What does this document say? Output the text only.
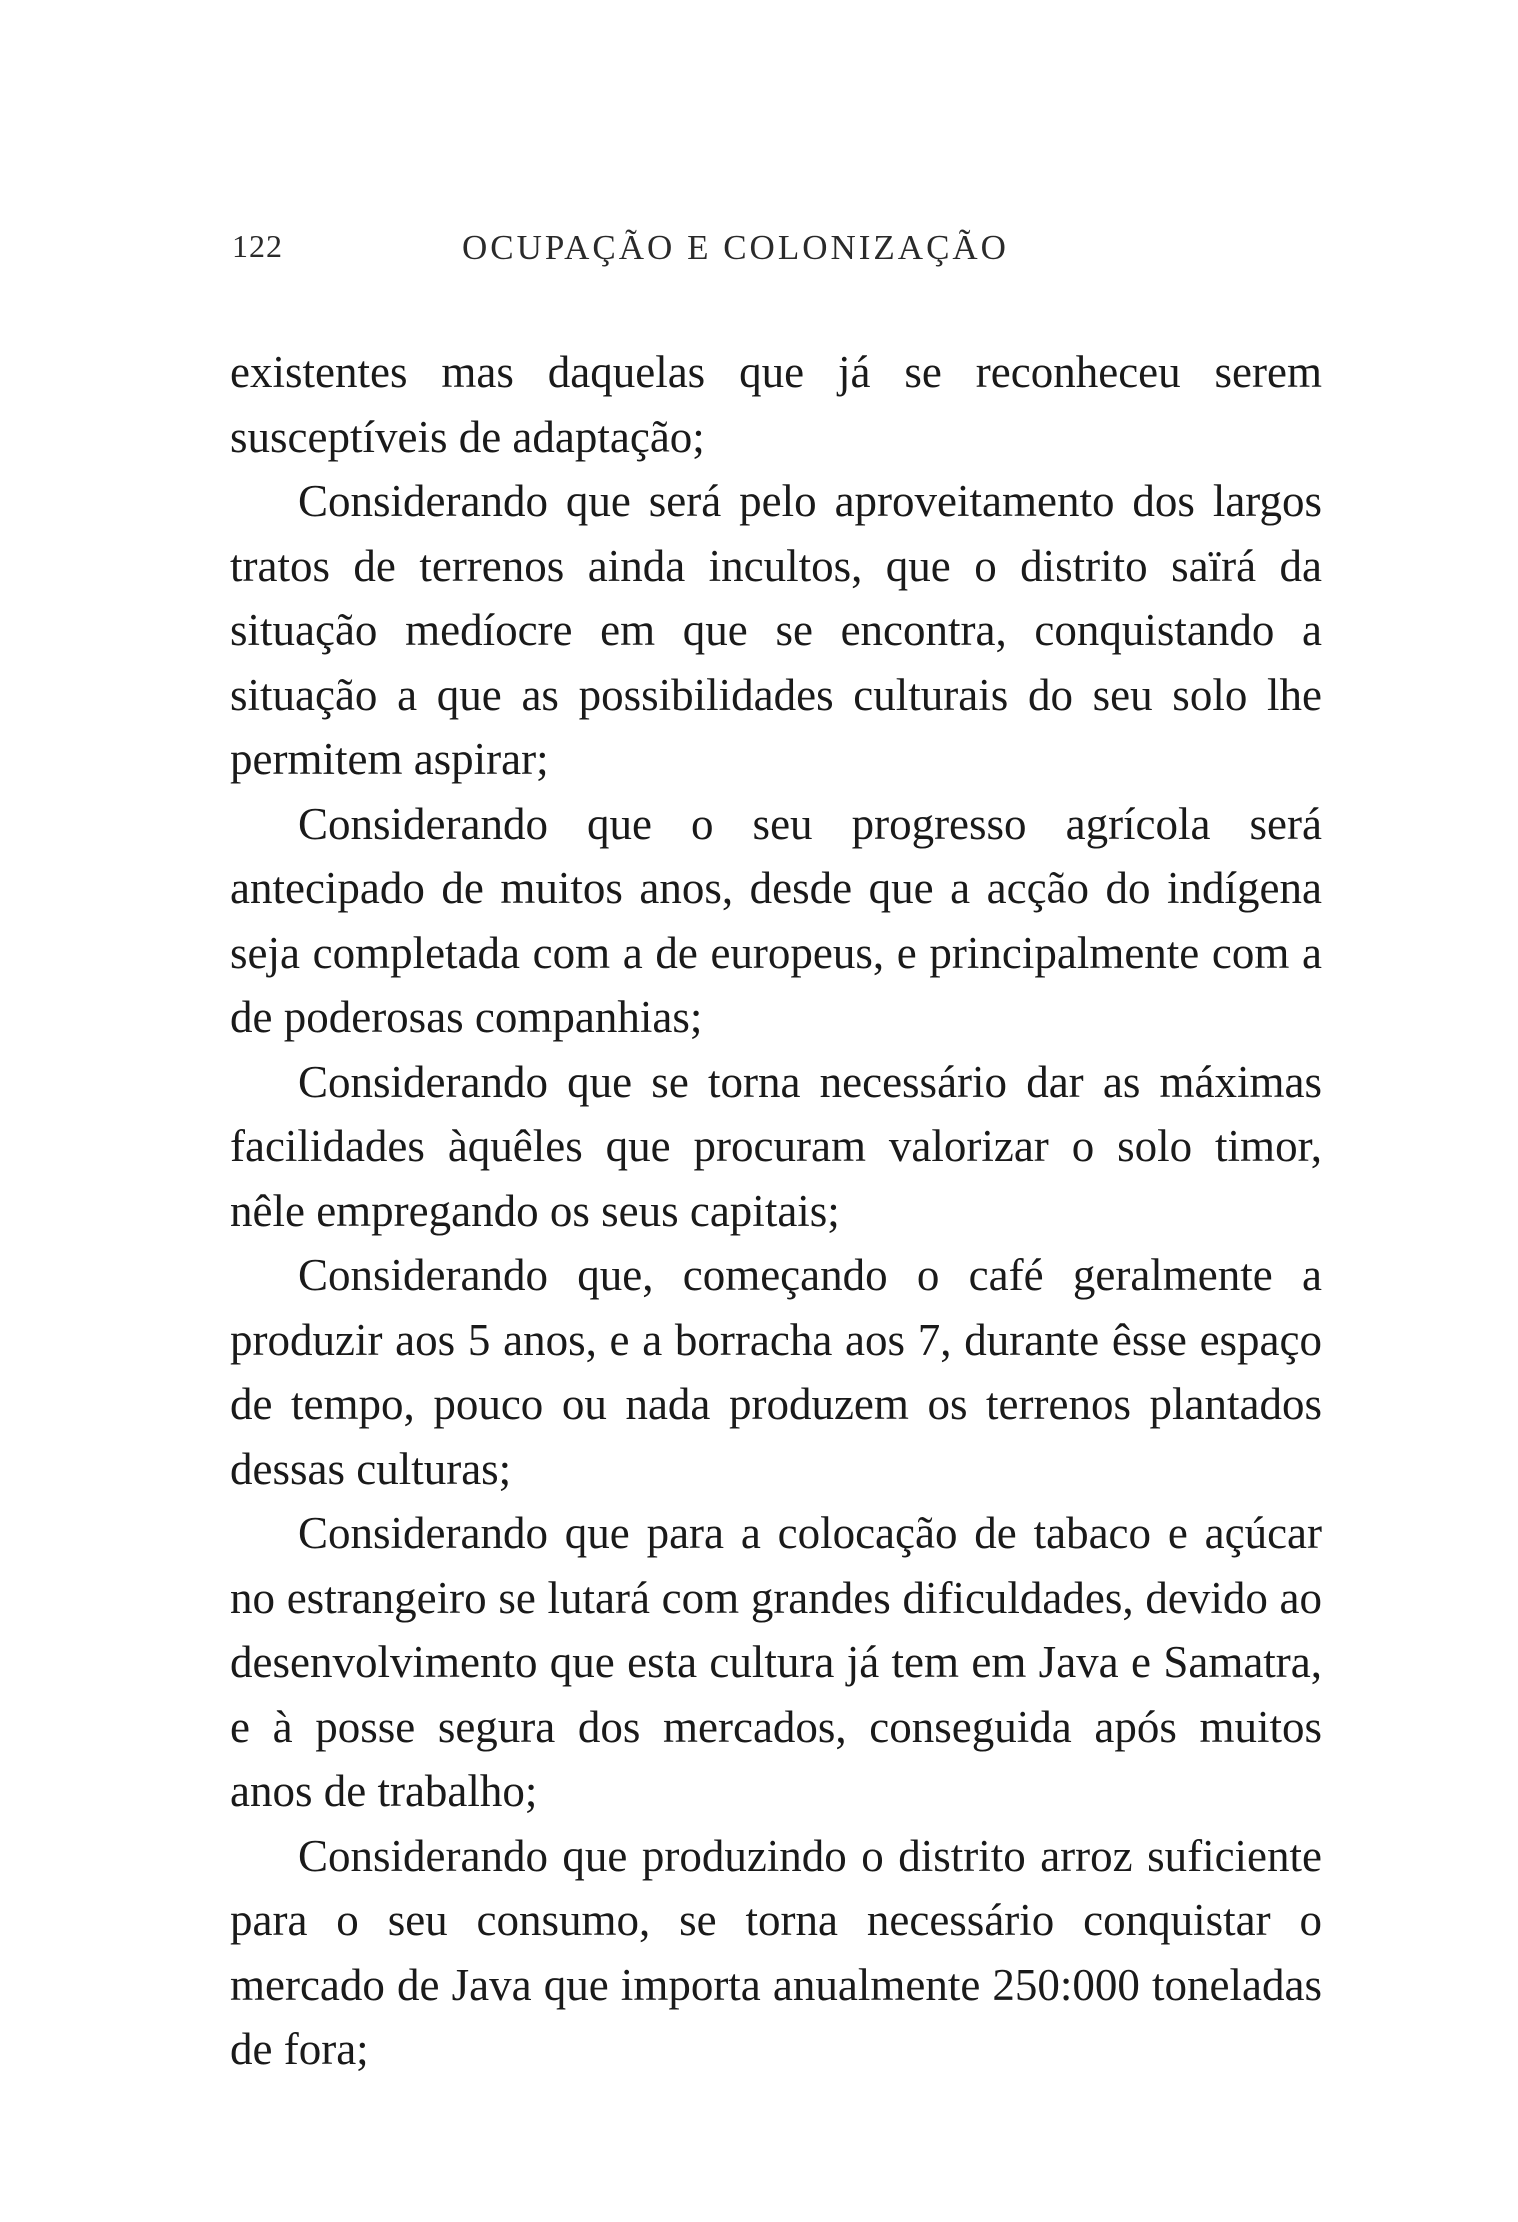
122	OCUPAÇÃO E COLONIZAÇÃO

existentes mas daquelas que já se reconheceu serem susceptíveis de adaptação;

Considerando que será pelo aproveitamento dos largos tratos de terrenos ainda incultos, que o distrito saïrá da situação medíocre em que se encontra, conquistando a situação a que as possibilidades culturais do seu solo lhe permitem aspirar;

Considerando que o seu progresso agrícola será antecipado de muitos anos, desde que a acção do indígena seja completada com a de europeus, e principalmente com a de poderosas companhias;

Considerando que se torna necessário dar as máximas facilidades àquêles que procuram valorizar o solo timor, nêle empregando os seus capitais;

Considerando que, começando o café geralmente a produzir aos 5 anos, e a borracha aos 7, durante êsse espaço de tempo, pouco ou nada produzem os terrenos plantados dessas culturas;

Considerando que para a colocação de tabaco e açúcar no estrangeiro se lutará com grandes dificuldades, devido ao desenvolvimento que esta cultura já tem em Java e Samatra, e à posse segura dos mercados, conseguida após muitos anos de trabalho;

Considerando que produzindo o distrito arroz suficiente para o seu consumo, se torna necessário conquistar o mercado de Java que importa anualmente 250:000 toneladas de fora;
